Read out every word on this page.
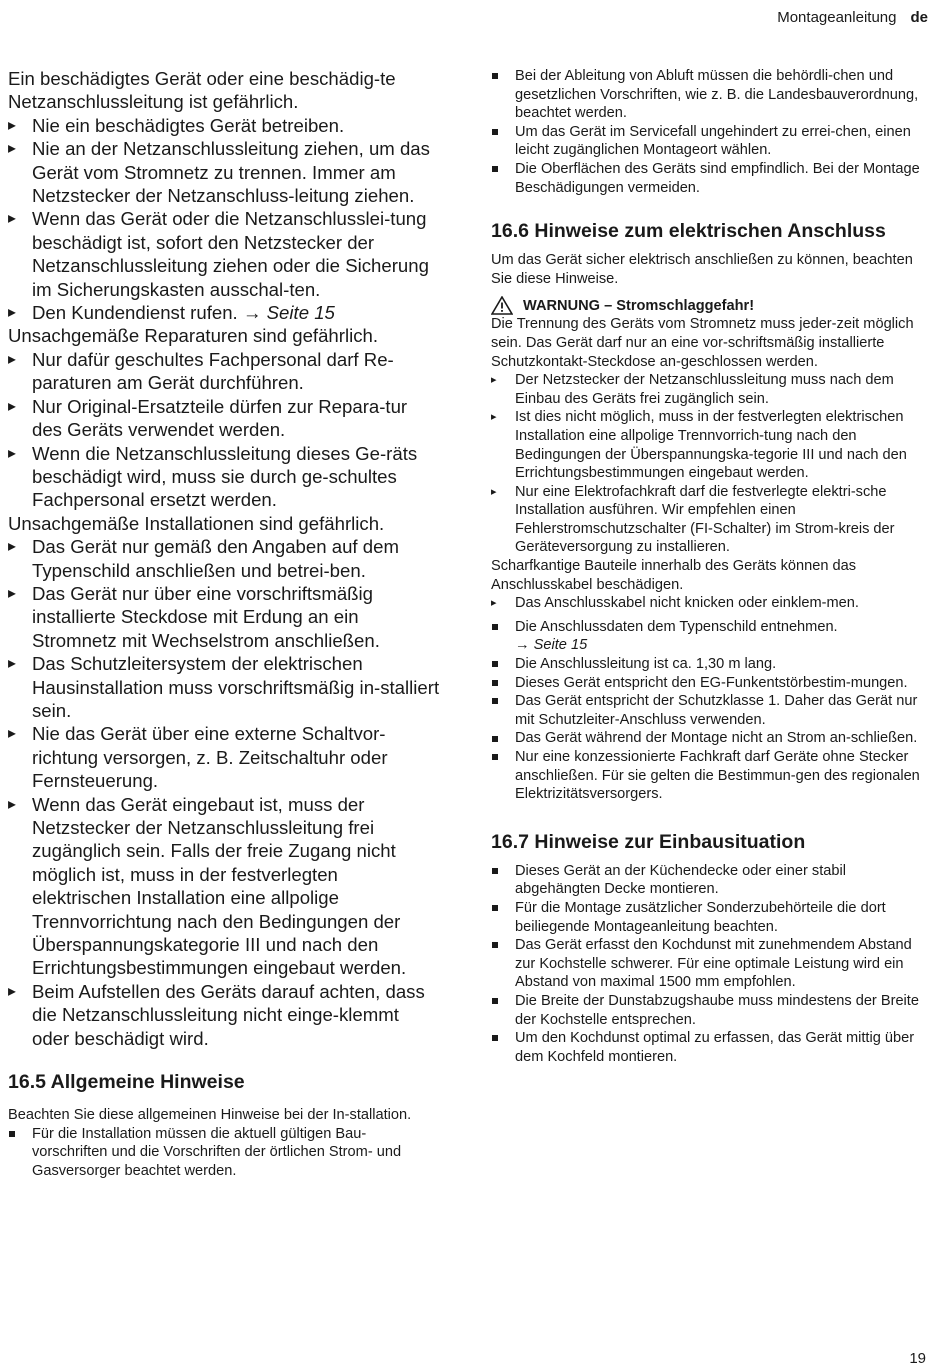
Montageanleitung de

Ein beschädigtes Gerät oder eine beschädig-te Netzanschlussleitung ist gefährlich.

▸ Nie ein beschädigtes Gerät betreiben.
▸ Nie an der Netzanschlussleitung ziehen, um das Gerät vom Stromnetz zu trennen. Immer am Netzstecker der Netzanschluss-leitung ziehen.
▸ Wenn das Gerät oder die Netzanschlusslei-tung beschädigt ist, sofort den Netzstecker der Netzanschlussleitung ziehen oder die Sicherung im Sicherungskasten ausschal-ten.
▸ Den Kundendienst rufen. → Seite 15

Unsachgemäße Reparaturen sind gefährlich.

▸ Nur dafür geschultes Fachpersonal darf Re-paraturen am Gerät durchführen.
▸ Nur Original-Ersatzteile dürfen zur Repara-tur des Geräts verwendet werden.
▸ Wenn die Netzanschlussleitung dieses Ge-räts beschädigt wird, muss sie durch ge-schultes Fachpersonal ersetzt werden.

Unsachgemäße Installationen sind gefährlich.

▸ Das Gerät nur gemäß den Angaben auf dem Typenschild anschließen und betrei-ben.
▸ Das Gerät nur über eine vorschriftsmäßig installierte Steckdose mit Erdung an ein Stromnetz mit Wechselstrom anschließen.
▸ Das Schutzleitersystem der elektrischen Hausinstallation muss vorschriftsmäßig in-stalliert sein.
▸ Nie das Gerät über eine externe Schaltvor-richtung versorgen, z. B. Zeitschaltuhr oder Fernsteuerung.
▸ Wenn das Gerät eingebaut ist, muss der Netzstecker der Netzanschlussleitung frei zugänglich sein. Falls der freie Zugang nicht möglich ist, muss in der festverlegten elektrischen Installation eine allpolige Trennvorrichtung nach den Bedingungen der Überspannungskategorie III und nach den Errichtungsbestimmungen eingebaut werden.
▸ Beim Aufstellen des Geräts darauf achten, dass die Netzanschlussleitung nicht einge-klemmt oder beschädigt wird.
16.5 Allgemeine Hinweise

Beachten Sie diese allgemeinen Hinweise bei der In-stallation.

Für die Installation müssen die aktuell gültigen Bau-vorschriften und die Vorschriften der örtlichen Strom- und Gasversorger beachtet werden.
Bei der Ableitung von Abluft müssen die behördli-chen und gesetzlichen Vorschriften, wie z. B. die Landesbauverordnung, beachtet werden.
Um das Gerät im Servicefall ungehindert zu errei-chen, einen leicht zugänglichen Montageort wählen.
Die Oberflächen des Geräts sind empfindlich. Bei der Montage Beschädigungen vermeiden.
16.6 Hinweise zum elektrischen Anschluss

Um das Gerät sicher elektrisch anschließen zu können, beachten Sie diese Hinweise.

WARNUNG – Stromschlaggefahr!

Die Trennung des Geräts vom Stromnetz muss jeder-zeit möglich sein. Das Gerät darf nur an eine vor-schriftsmäßig installierte Schutzkontakt-Steckdose an-geschlossen werden.

▸ Der Netzstecker der Netzanschlussleitung muss nach dem Einbau des Geräts frei zugänglich sein.
▸ Ist dies nicht möglich, muss in der festverlegten elektrischen Installation eine allpolige Trennvorrich-tung nach den Bedingungen der Überspannungska-tegorie III und nach den Errichtungsbestimmungen eingebaut werden.
▸ Nur eine Elektrofachkraft darf die festverlegte elektri-sche Installation ausführen. Wir empfehlen einen Fehlerstromschutzschalter (FI-Schalter) im Strom-kreis der Geräteversorgung zu installieren.

Scharfkantige Bauteile innerhalb des Geräts können das Anschlusskabel beschädigen.

▸ Das Anschlusskabel nicht knicken oder einklem-men.
Die Anschlussdaten dem Typenschild entnehmen.
→ Seite 15
Die Anschlussleitung ist ca. 1,30 m lang.
Dieses Gerät entspricht den EG-Funkentstörbestim-mungen.
Das Gerät entspricht der Schutzklasse 1. Daher das Gerät nur mit Schutzleiter-Anschluss verwenden.
Das Gerät während der Montage nicht an Strom an-schließen.
Nur eine konzessionierte Fachkraft darf Geräte ohne Stecker anschließen. Für sie gelten die Bestimmun-gen des regionalen Elektrizitätsversorgers.
16.7 Hinweise zur Einbausituation
Dieses Gerät an der Küchendecke oder einer stabil abgehängten Decke montieren.
Für die Montage zusätzlicher Sonderzubehörteile die dort beiliegende Montageanleitung beachten.
Das Gerät erfasst den Kochdunst mit zunehmendem Abstand zur Kochstelle schwerer. Für eine optimale Leistung wird ein Abstand von maximal 1500 mm empfohlen.
Die Breite der Dunstabzugshaube muss mindestens der Breite der Kochstelle entsprechen.
Um den Kochdunst optimal zu erfassen, das Gerät mittig über dem Kochfeld montieren.
19
